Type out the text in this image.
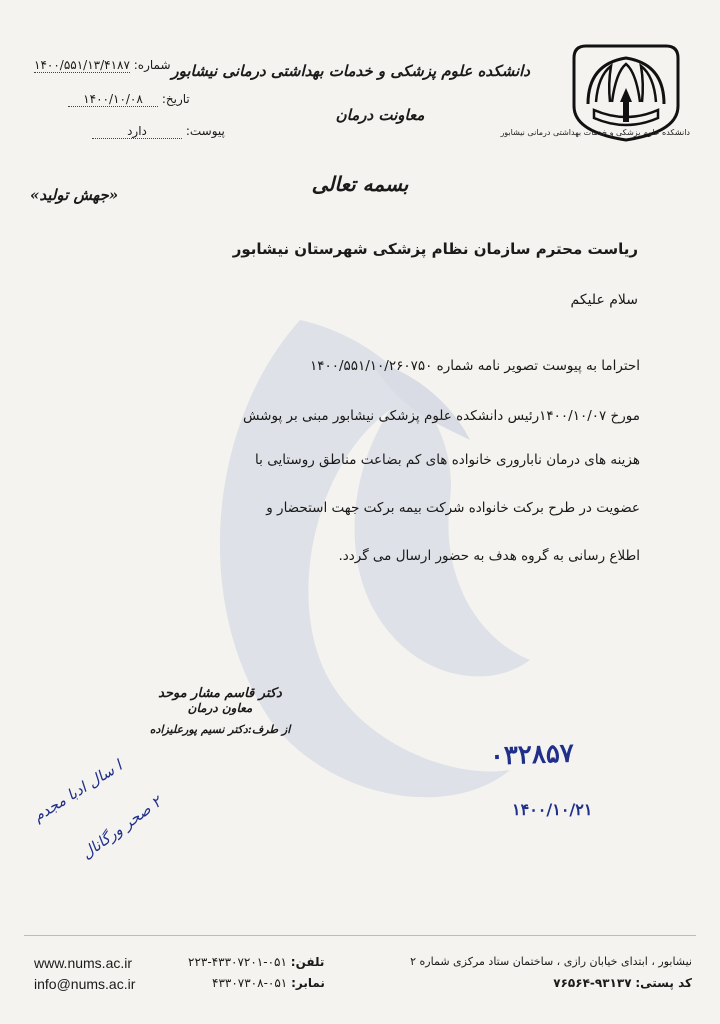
دانشکده علوم پزشکی و خدمات بهداشتی درمانی نیشابور
دانشکده علوم پزشکی و خدمات بهداشتی درمانی نیشابور
معاونت درمان
شماره: ۱۴۰۰/۵۵۱/۱۳/۴۱۸۷
تاریخ: ۱۴۰۰/۱۰/۰۸
پیوست: دارد
بسمه تعالی
«جهش تولید»
ریاست محترم سازمان نظام پزشکی شهرستان نیشابور
سلام علیکم
احتراما به پیوست تصویر نامه شماره ۱۴۰۰/۵۵۱/۱۰/۲۶۰۷۵۰
مورخ ۱۴۰۰/۱۰/۰۷رئیس دانشکده علوم پزشکی نیشابور مبنی بر پوشش
هزینه های درمان ناباروری خانواده های کم بضاعت مناطق روستایی با
عضویت در طرح برکت خانواده شرکت بیمه برکت جهت استحضار و
اطلاع رسانی به گروه هدف به حضور ارسال می گردد.
دکتر قاسم مشار موحد
معاون درمان
از طرف:دکتر نسیم پورعلیزاده
۰۳۲۸۵۷
۱۴۰۰/۱۰/۲۱
ا سال ادبا مجدم
۲ صحر ورگانال
www.nums.ac.ir
info@nums.ac.ir
تلفن: ۰۵۱-۴۳۳۰۷۲۰۱-۲۲۳
نمابر: ۰۵۱-۴۳۳۰۷۳۰۸
نیشابور ، ابتدای خیابان رازی ، ساختمان ستاد مرکزی شماره ۲
کد پستی: ۹۳۱۳۷-۷۶۵۶۴
